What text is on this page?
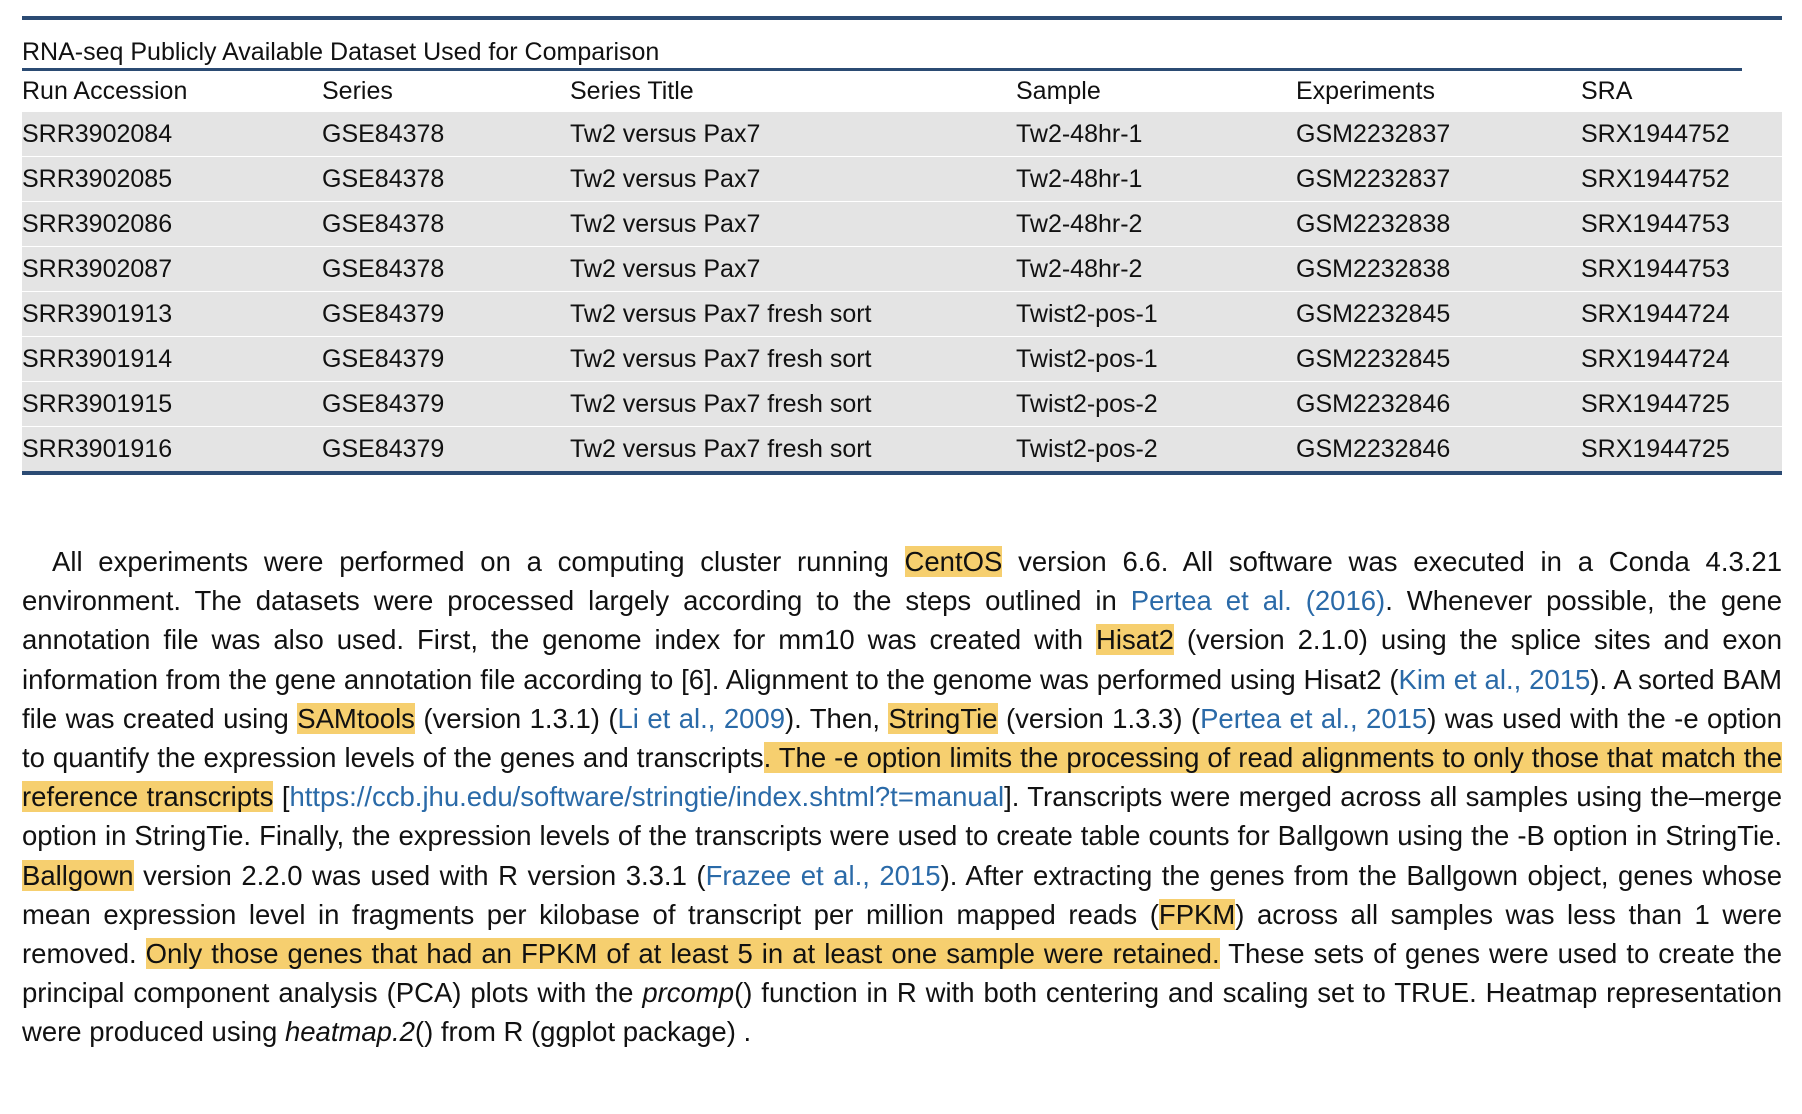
RNA-seq Publicly Available Dataset Used for Comparison
Run Accession	Series	Series Title	Sample	Experiments	SRA
SRR3902084	GSE84378	Tw2 versus Pax7	Tw2-48hr-1	GSM2232837	SRX1944752
SRR3902085	GSE84378	Tw2 versus Pax7	Tw2-48hr-1	GSM2232837	SRX1944752
SRR3902086	GSE84378	Tw2 versus Pax7	Tw2-48hr-2	GSM2232838	SRX1944753
SRR3902087	GSE84378	Tw2 versus Pax7	Tw2-48hr-2	GSM2232838	SRX1944753
SRR3901913	GSE84379	Tw2 versus Pax7 fresh sort	Twist2-pos-1	GSM2232845	SRX1944724
SRR3901914	GSE84379	Tw2 versus Pax7 fresh sort	Twist2-pos-1	GSM2232845	SRX1944724
SRR3901915	GSE84379	Tw2 versus Pax7 fresh sort	Twist2-pos-2	GSM2232846	SRX1944725
SRR3901916	GSE84379	Tw2 versus Pax7 fresh sort	Twist2-pos-2	GSM2232846	SRX1944725

All experiments were performed on a computing cluster running CentOS version 6.6. All software was executed in a Conda 4.3.21 environment. The datasets were processed largely according to the steps outlined in Pertea et al. (2016). Whenever possible, the gene annotation file was also used. First, the genome index for mm10 was created with Hisat2 (version 2.1.0) using the splice sites and exon information from the gene annotation file according to [6]. Alignment to the genome was performed using Hisat2 (Kim et al., 2015). A sorted BAM file was created using SAMtools (version 1.3.1) (Li et al., 2009). Then, StringTie (version 1.3.3) (Pertea et al., 2015) was used with the -e option to quantify the expression levels of the genes and transcripts. The -e option limits the processing of read alignments to only those that match the reference transcripts [https://ccb.jhu.edu/software/stringtie/index.shtml?t=manual]. Transcripts were merged across all samples using the–merge option in StringTie. Finally, the expression levels of the transcripts were used to create table counts for Ballgown using the -B option in StringTie. Ballgown version 2.2.0 was used with R version 3.3.1 (Frazee et al., 2015). After extracting the genes from the Ballgown object, genes whose mean expression level in fragments per kilobase of transcript per million mapped reads (FPKM) across all samples was less than 1 were removed. Only those genes that had an FPKM of at least 5 in at least one sample were retained. These sets of genes were used to create the principal component analysis (PCA) plots with the prcomp() function in R with both centering and scaling set to TRUE. Heatmap representation were produced using heatmap.2() from R (ggplot package) .
